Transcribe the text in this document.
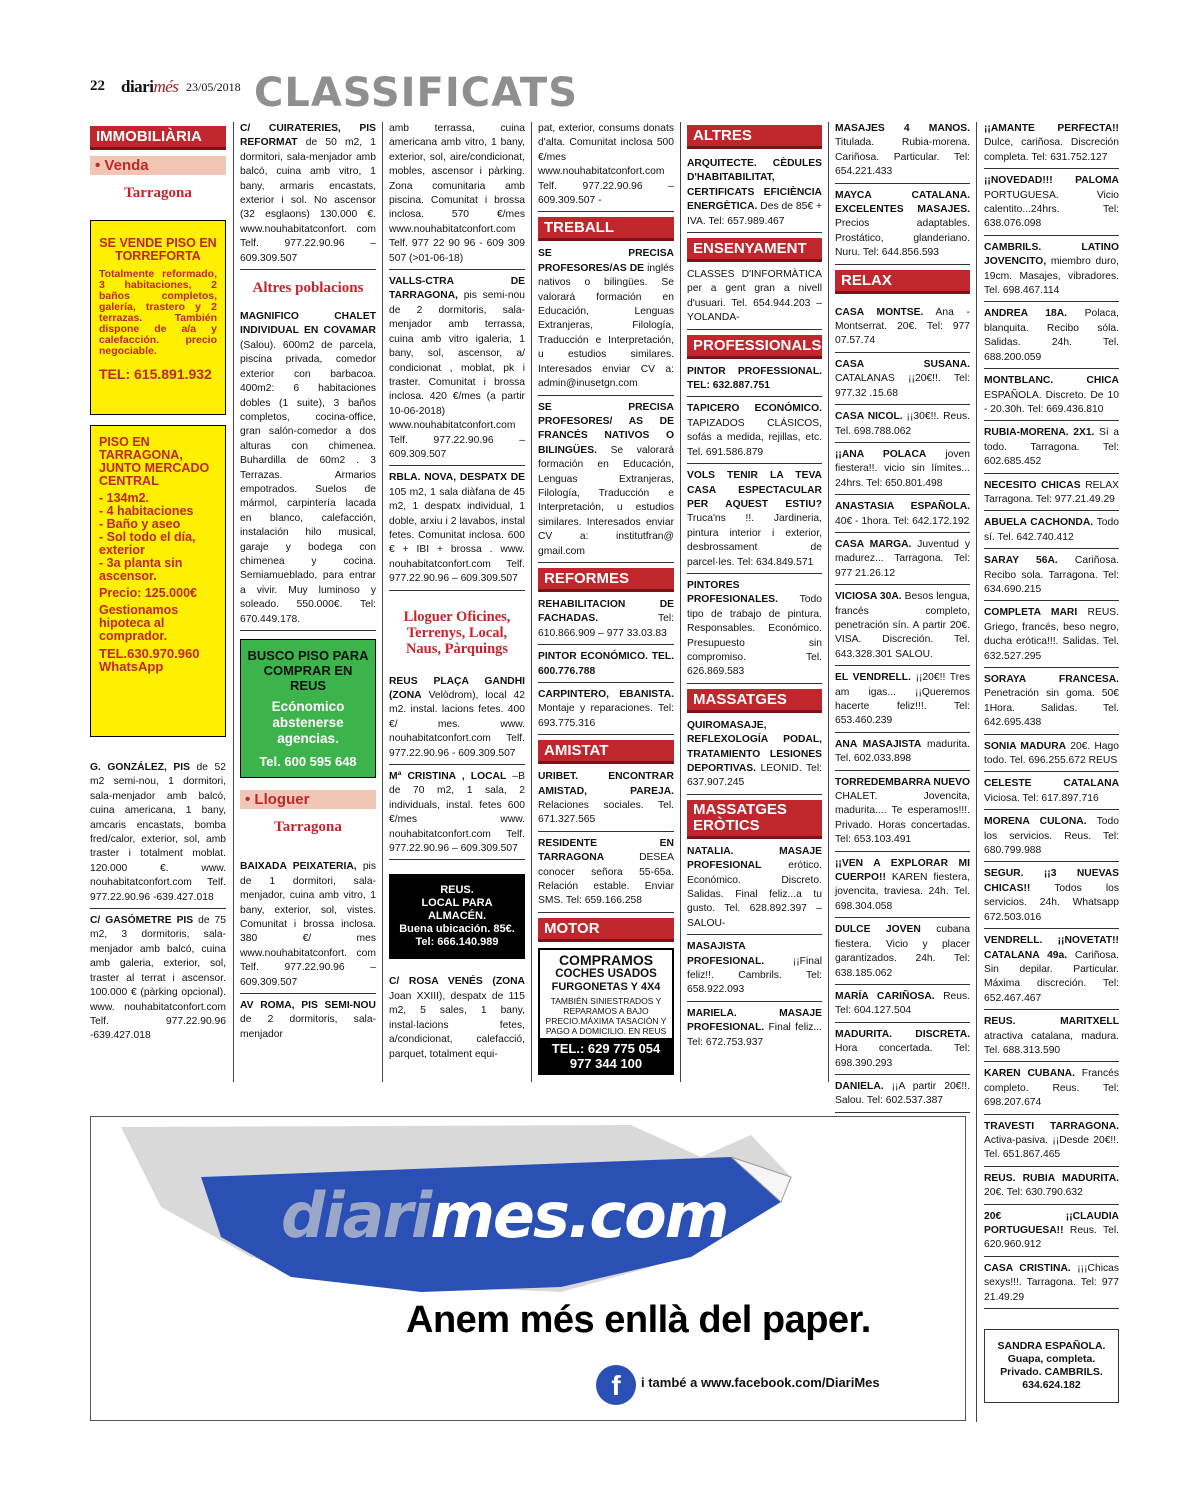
22 diarimés 23/05/2018 CLASSIFICATS
IMMOBILIÀRIA
• Venda
Tarragona
SE VENDE PISO EN TORREFORTA
Totalmente reformado, 3 habitaciones, 2 baños completos, galería, trastero y 2 terrazas. También dispone de a/a y calefacción. precio negociable.
TEL: 615.891.932
PISO EN TARRAGONA, JUNTO MERCADO CENTRAL
- 134m2.
- 4 habitaciones
- Baño y aseo
- Sol todo el día, exterior
- 3a planta sin ascensor.
Precio: 125.000€
Gestionamos hipoteca al comprador.
TEL.630.970.960 WhatsApp

G. GONZÁLEZ, PIS de 52 m2 semi-nou, 1 dormitori, sala-menjador amb balcó, cuina americana, 1 bany, amcaris encastats, bomba fred/calor, exterior, sol, amb traster i totalment moblat. 120.000 €. www. nouhabitatconfort.com Telf. 977.22.90.96 -639.427.018

C/ GASÓMETRE PIS de 75 m2, 3 dormitoris, sala-menjador amb balcó, cuina amb galeria, exterior, sol, traster al terrat i ascensor. 100.000 € (pàrking opcional). www. nouhabitatconfort.com Telf. 977.22.90.96 -639.427.018

C/ CUIRATERIES, PIS REFORMAT de 50 m2, 1 dormitori, sala-menjador amb balcó, cuina amb vitro, 1 bany, armaris encastats, exterior i sol. No ascensor (32 esglaons) 130.000 €. www.nouhabitatconfort. com Telf. 977.22.90.96 – 609.309.507

Altres poblacions

MAGNIFICO CHALET INDIVIDUAL EN COVAMAR (Salou). 600m2 de parcela, piscina privada, comedor exterior con barbacoa. 400m2: 6 habitaciones dobles (1 suite), 3 baños completos, cocina-office, gran salón-comedor a dos alturas con chimenea. Buhardilla de 60m2 . 3 Terrazas. Armarios empotrados. Suelos de mármol, carpintería lacada en blanco, calefacción, instalación hilo musical, garaje y bodega con chimenea y cocina. Semiamueblado, para entrar a vivir. Muy luminoso y soleado. 550.000€. Tel: 670.449.178.

BUSCO PISO PARA COMPRAR EN REUS
Ecónomico abstenerse agencias.
Tel. 600 595 648
• Lloguer
Tarragona

BAIXADA PEIXATERIA, pis de 1 dormitori, sala-menjador, cuina amb vitro, 1 bany, exterior, sol, vistes. Comunitat i brossa inclosa. 380 €/ mes www.nouhabitatconfort. com Telf. 977.22.90.96 – 609.309.507

AV ROMA, PIS SEMI-NOU de 2 dormitoris, sala-menjador

amb terrassa, cuina americana amb vitro, 1 bany, exterior, sol, aire/condicionat, mobles, ascensor i pàrking. Zona comunitaria amb piscina. Comunitat i brossa inclosa. 570 €/mes www.nouhabitatconfort.com Telf. 977 22 90 96 - 609 309 507 (>01-06-18)

VALLS-CTRA DE TARRAGONA, pis semi-nou de 2 dormitoris, sala-menjador amb terrassa, cuina amb vitro igaleria, 1 bany, sol, ascensor, a/ condicionat , moblat, pk i traster. Comunitat i brossa inclosa. 420 €/mes (a partir 10-06-2018) www.nouhabitatconfort.com Telf. 977.22.90.96 – 609.309.507

RBLA. NOVA, DESPATX DE 105 m2, 1 sala diàfana de 45 m2, 1 despatx individual, 1 doble, arxiu i 2 lavabos, instal fetes. Comunitat inclosa. 600 € + IBI + brossa . www. nouhabitatconfort.com Telf. 977.22.90.96 – 609.309.507

Lloguer Oficines, Terrenys, Local, Naus, Pàrquings

REUS PLAÇA GANDHI (ZONA Velòdrom), local 42 m2. instal. lacions fetes. 400 €/ mes. www. nouhabitatconfort.com Telf. 977.22.90.96 - 609.309.507

Mª CRISTINA , LOCAL –B de 70 m2, 1 sala, 2 individuals, instal. fetes 600 €/mes www. nouhabitatconfort.com Telf. 977.22.90.96 – 609.309.507

REUS.
LOCAL PARA ALMACÉN.
Buena ubicación. 85€.
Tel: 666.140.989

C/ ROSA VENÉS (ZONA Joan XXIII), despatx de 115 m2, 5 sales, 1 bany, instal·lacions fetes, a/condicionat, calefacció, parquet, totalment equi-

pat, exterior, consums donats d'alta. Comunitat inclosa 500 €/mes www.nouhabitatconfort.com Telf. 977.22.90.96 – 609.309.507 -

TREBALL

SE PRECISA PROFESORES/AS DE inglés nativos o bilingües. Se valorará formación en Educación, Lenguas Extranjeras, Filología, Traducción e Interpretación, u estudios similares. Interesados enviar CV a: admin@inusetgn.com

SE PRECISA PROFESORES/ AS DE FRANCÉS NATIVOS O BILINGÜES. Se valorará formación en Educación, Lenguas Extranjeras, Filología, Traducción e Interpretación, u estudios similares. Interesados enviar CV a: institutfran@ gmail.com

REFORMES

REHABILITACION DE FACHADAS. Tel: 610.866.909 – 977 33.03.83

PINTOR ECONÓMICO. TEL. 600.776.788

CARPINTERO, EBANISTA. Montaje y reparaciones. Tel: 693.775.316

AMISTAT

URIBET. ENCONTRAR AMISTAD, PAREJA. Relaciones sociales. Tel. 671.327.565

RESIDENTE EN TARRAGONA DESEA conocer señora 55-65a. Relación estable. Enviar SMS. Tel: 659.166.258

MOTOR
COMPRAMOS
COCHES USADOS
FURGONETAS Y 4X4
TAMBIÉN SINIESTRADOS Y REPARAMOS A BAJO PRECIO.MÁXIMA TASACIÓN Y PAGO A DOMICILIO. EN REUS
TEL.: 629 775 054
977 344 100
ALTRES

ARQUITECTE. CÈDULES D'HABITABILITAT, CERTIFICATS EFICIÈNCIA ENERGÈTICA. Des de 85€ + IVA. Tel: 657.989.467

ENSENYAMENT

CLASSES D'INFORMÀTICA per a gent gran a nivell d'usuari. Tel. 654.944.203 – YOLANDA-

PROFESSIONALS

PINTOR PROFESSIONAL. TEL: 632.887.751

TAPICERO ECONÓMICO. TAPIZADOS CLÁSICOS, sofás a medida, rejillas, etc. Tel. 691.586.879

VOLS TENIR LA TEVA CASA ESPECTACULAR PER AQUEST ESTIU? Truca'ns !!. Jardineria, pintura interior i exterior, desbrossament de parcel·les. Tel: 634.849.571

PINTORES PROFESIONALES. Todo tipo de trabajo de pintura. Responsables. Económico. Presupuesto sin compromiso. Tel. 626.869.583

MASSATGES

QUIROMASAJE, REFLEXOLOGÍA PODAL, TRATAMIENTO LESIONES DEPORTIVAS. LEONID. Tel: 637.907.245

MASSATGES ERÒTICS

NATALIA. MASAJE PROFESIONAL erótico. Económico. Discreto. Salidas. Final feliz...a tu gusto. Tel. 628.892.397 – SALOU-

MASAJISTA PROFESIONAL. ¡¡Final feliz!!. Cambrils. Tel: 658.922.093

MARIELA. MASAJE PROFESIONAL. Final feliz... Tel: 672.753.937

MASAJES 4 MANOS. Titulada. Rubia-morena. Cariñosa. Particular. Tel: 654.221.433

MAYCA CATALANA. EXCELENTES MASAJES. Precios adaptables. Prostático, glanderiano. Nuru. Tel: 644.856.593

RELAX

CASA MONTSE. Ana - Montserrat. 20€. Tel: 977 07.57.74

CASA SUSANA. CATALANAS ¡¡20€!!. Tel: 977.32 .15.68

CASA NICOL. ¡¡30€!!. Reus. Tel. 698.788.062

¡¡ANA POLACA joven fiestera!!. vicio sin límites... 24hrs. Tel: 650.801.498

ANASTASIA ESPAÑOLA. 40€ - 1hora. Tel: 642.172.192

CASA MARGA. Juventud y madurez... Tarragona. Tel: 977 21.26.12

VICIOSA 30A. Besos lengua, francés completo, penetración sín. A partir 20€. VISA. Discreción. Tel. 643.328.301 SALOU.

EL VENDRELL. ¡¡20€!! Tres am igas... ¡¡Queremos hacerte feliz!!!. Tel: 653.460.239

ANA MASAJISTA madurita. Tel. 602.033.898

TORREDEMBARRA NUEVO CHALET. Jovencita, madurita.... Te esperamos!!!. Privado. Horas concertadas. Tel: 653.103.491

¡¡VEN A EXPLORAR MI CUERPO!! KAREN fiestera, jovencita, traviesa. 24h. Tel. 698.304.058

DULCE JOVEN cubana fiestera. Vicio y placer garantizados. 24h. Tel: 638.185.062

MARÍA CARIÑOSA. Reus. Tel: 604.127.504

MADURITA. DISCRETA. Hora concertada. Tel: 698.390.293

DANIELA. ¡¡A partir 20€!!. Salou. Tel: 602.537.387

¡¡AMANTE PERFECTA!! Dulce, cariñosa. Discreción completa. Tel: 631.752.127

¡¡NOVEDAD!!! PALOMA PORTUGUESA. Vicio calentito...24hrs. Tel: 638.076.098

CAMBRILS. LATINO JOVENCITO, miembro duro, 19cm. Masajes, vibradores. Tel. 698.467.114

ANDREA 18A. Polaca, blanquita. Recibo sóla. Salidas. 24h. Tel. 688.200.059

MONTBLANC. CHICA ESPAÑOLA. Discreto. De 10 - 20.30h. Tel: 669.436.810

RUBIA-MORENA. 2X1. Sí a todo. Tarragona. Tel: 602.685.452

NECESITO CHICAS RELAX Tarragona. Tel: 977.21.49.29

ABUELA CACHONDA. Todo sí. Tel. 642.740.412

SARAY 56A. Cariñosa. Recibo sola. Tarragona. Tel: 634.690.215

COMPLETA MARI REUS. Griego, francés, beso negro, ducha erótica!!!. Salidas. Tel. 632.527.295

SORAYA FRANCESA. Penetración sin goma. 50€ 1Hora. Salidas. Tel. 642.695.438

SONIA MADURA 20€. Hago todo. Tel. 696.255.672 REUS

CELESTE CATALANA Viciosa. Tel: 617.897.716

MORENA CULONA. Todo los servicios. Reus. Tel: 680.799.988

SEGUR. ¡¡3 NUEVAS CHICAS!! Todos los servicios. 24h. Whatsapp 672.503.016

VENDRELL. ¡¡NOVETAT!! CATALANA 49a. Cariñosa. Sin depilar. Particular. Máxima discreción. Tel: 652.467.467

REUS. MARITXELL atractiva catalana, madura. Tel. 688.313.590

KAREN CUBANA. Francés completo. Reus. Tel: 698.207.674

TRAVESTI TARRAGONA. Activa-pasiva. ¡¡Desde 20€!!. Tel. 651.867.465

REUS. RUBIA MADURITA. 20€. Tel: 630.790.632

20€ ¡¡CLAUDIA PORTUGUESA!! Reus. Tel. 620.960.912

CASA CRISTINA. ¡¡¡Chicas sexys!!!. Tarragona. Tel: 977 21.49.29

SANDRA ESPAÑOLA.
Guapa, completa.
Privado. CAMBRILS.
634.624.182
diarimes.com
Anem més enllà del paper.
f	i també a www.facebook.com/DiariMes
